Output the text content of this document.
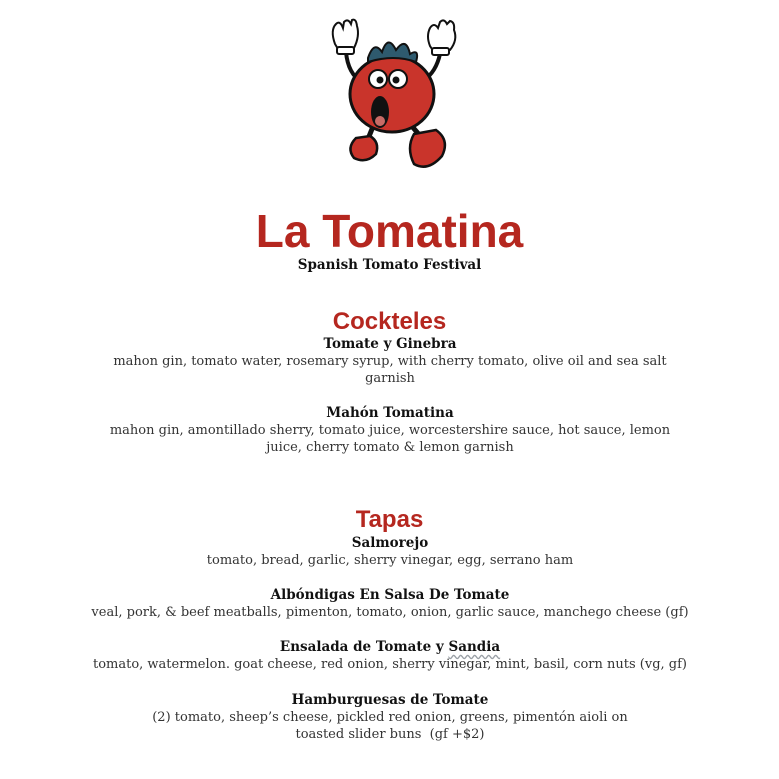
La Tomatina
Spanish Tomato Festival
Cockteles
Tomate y Ginebra
mahon gin, tomato water, rosemary syrup, with cherry tomato, olive oil and sea salt
garnish
Mahón Tomatina
mahon gin, amontillado sherry, tomato juice, worcestershire sauce, hot sauce, lemon
juice, cherry tomato & lemon garnish
Tapas
Salmorejo
tomato, bread, garlic, sherry vinegar, egg, serrano ham
Albóndigas En Salsa De Tomate
veal, pork, & beef meatballs, pimenton, tomato, onion, garlic sauce, manchego cheese (gf)
Ensalada de Tomate y Sandia
tomato, watermelon. goat cheese, red onion, sherry vinegar, mint, basil, corn nuts (vg, gf)
Hamburguesas de Tomate
(2) tomato, sheep’s cheese, pickled red onion, greens, pimentón aioli on
toasted slider buns  (gf +$2)
